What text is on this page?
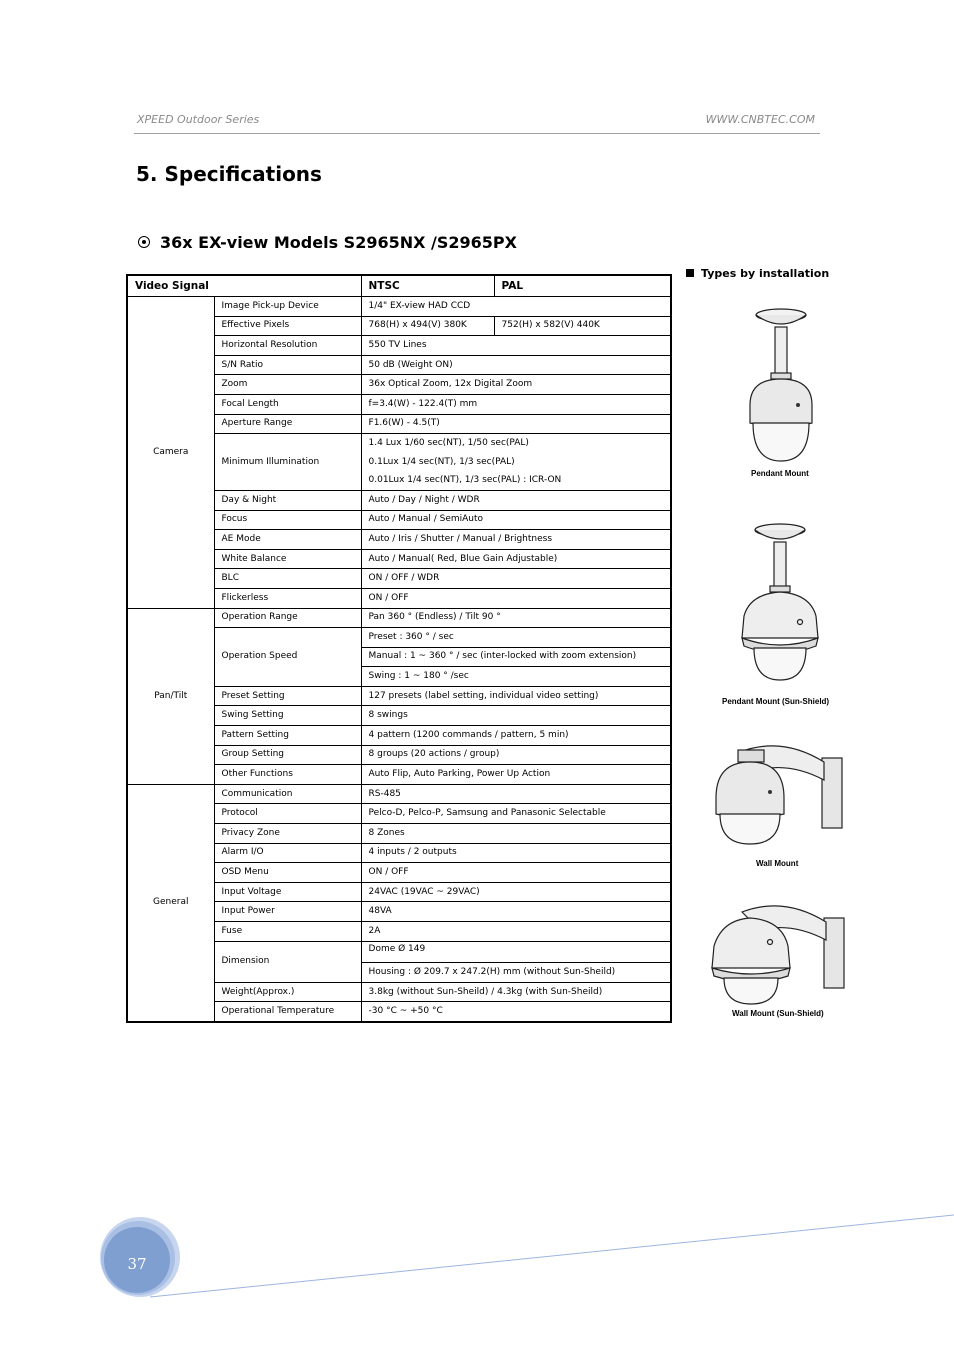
XPEED Outdoor Series	WWW.CNBTEC.COM
5. Specifications
36x EX-view Models S2965NX /S2965PX
Video Signal		NTSC	PAL
Camera	Image Pick-up Device	1/4" EX-view HAD CCD	
	Effective Pixels	768(H) x 494(V) 380K	752(H) x 582(V) 440K
	Horizontal Resolution	550 TV Lines	
	S/N Ratio	50 dB (Weight ON)	
	Zoom	36x Optical Zoom, 12x Digital Zoom	
	Focal Length	f=3.4(W) - 122.4(T) mm	
	Aperture Range	F1.6(W) - 4.5(T)	
	Minimum Illumination	1.4 Lux 1/60 sec(NT), 1/50 sec(PAL)	
		0.1Lux 1/4 sec(NT), 1/3 sec(PAL)	
		0.01Lux 1/4 sec(NT), 1/3 sec(PAL) : ICR-ON	
	Day & Night	Auto / Day / Night / WDR	
	Focus	Auto / Manual / SemiAuto	
	AE Mode	Auto / Iris / Shutter / Manual / Brightness	
	White Balance	Auto / Manual( Red, Blue Gain Adjustable)	
	BLC	ON / OFF / WDR	
	Flickerless	ON / OFF	
Pan/Tilt	Operation Range	Pan 360 ° (Endless) / Tilt 90 °	
	Operation Speed	Preset : 360 ° / sec	
		Manual : 1 ~ 360 ° / sec (inter-locked with zoom extension)	
		Swing : 1 ~ 180 ° /sec	
	Preset Setting	127 presets (label setting, individual video setting)	
	Swing Setting	8 swings	
	Pattern Setting	4 pattern (1200 commands / pattern, 5 min)	
	Group Setting	8 groups (20 actions / group)	
	Other Functions	Auto Flip, Auto Parking, Power Up Action	
General	Communication	RS-485	
	Protocol	Pelco-D, Pelco-P, Samsung and Panasonic Selectable	
	Privacy Zone	8 Zones	
	Alarm I/O	4 inputs / 2 outputs	
	OSD Menu	ON / OFF	
	Input Voltage	24VAC (19VAC ~ 29VAC)	
	Input Power	48VA	
	Fuse	2A	
	Dimension	Dome Ø 149	
		Housing : Ø 209.7 x 247.2(H) mm (without Sun-Sheild)	
	Weight(Approx.)	3.8kg (without Sun-Sheild) / 4.3kg (with Sun-Sheild)	
	Operational Temperature	-30 °C ~ +50 °C	
Types by installation
Pendant Mount
Pendant Mount (Sun-Shield)
Wall Mount
Wall Mount (Sun-Shield)
37
